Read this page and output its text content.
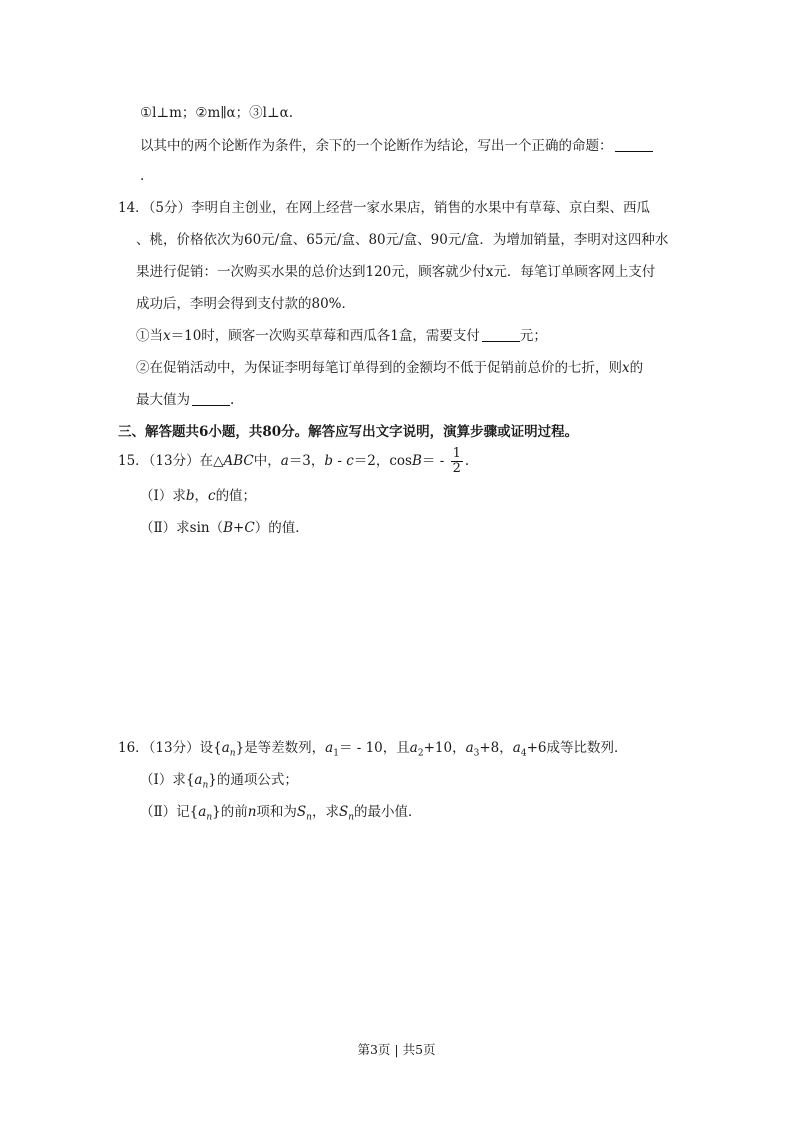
①l⊥m；②m∥α；③l⊥α.
以其中的两个论断作为条件，余下的一个论断作为结论，写出一个正确的命题：
.
14．（5分）李明自主创业，在网上经营一家水果店，销售的水果中有草莓、京白梨、西瓜
、桃，价格依次为60元/盒、65元/盒、80元/盒、90元/盒．为增加销量，李明对这四种水
果进行促销：一次购买水果的总价达到120元，顾客就少付x元．每笔订单顾客网上支付
成功后，李明会得到支付款的80%．
①当x＝10时，顾客一次购买草莓和西瓜各1盒，需要支付	元；
②在促销活动中，为保证李明每笔订单得到的金额均不低于促销前总价的七折，则x的
最大值为	.
三、解答题共6小题，共80分。解答应写出文字说明，演算步骤或证明过程。
15．（13分）在△ABC中，a＝3，b - c＝2，$\cos B= - \frac{1}{2}$ .
（Ⅰ）求b，c的值；
（Ⅱ）求sin（B+C）的值．
16．（13分）设$\{a_n\}$是等差数列，$a_1= - 10$，且$a_2+10$，$a_3+8$，$a_4+6$成等比数列．
（Ⅰ）求$\{a_n\}$的通项公式；
（Ⅱ）记$\{a_n\}$的前n项和为$S_n$，求$S_n$的最小值．
第3页 | 共5页
